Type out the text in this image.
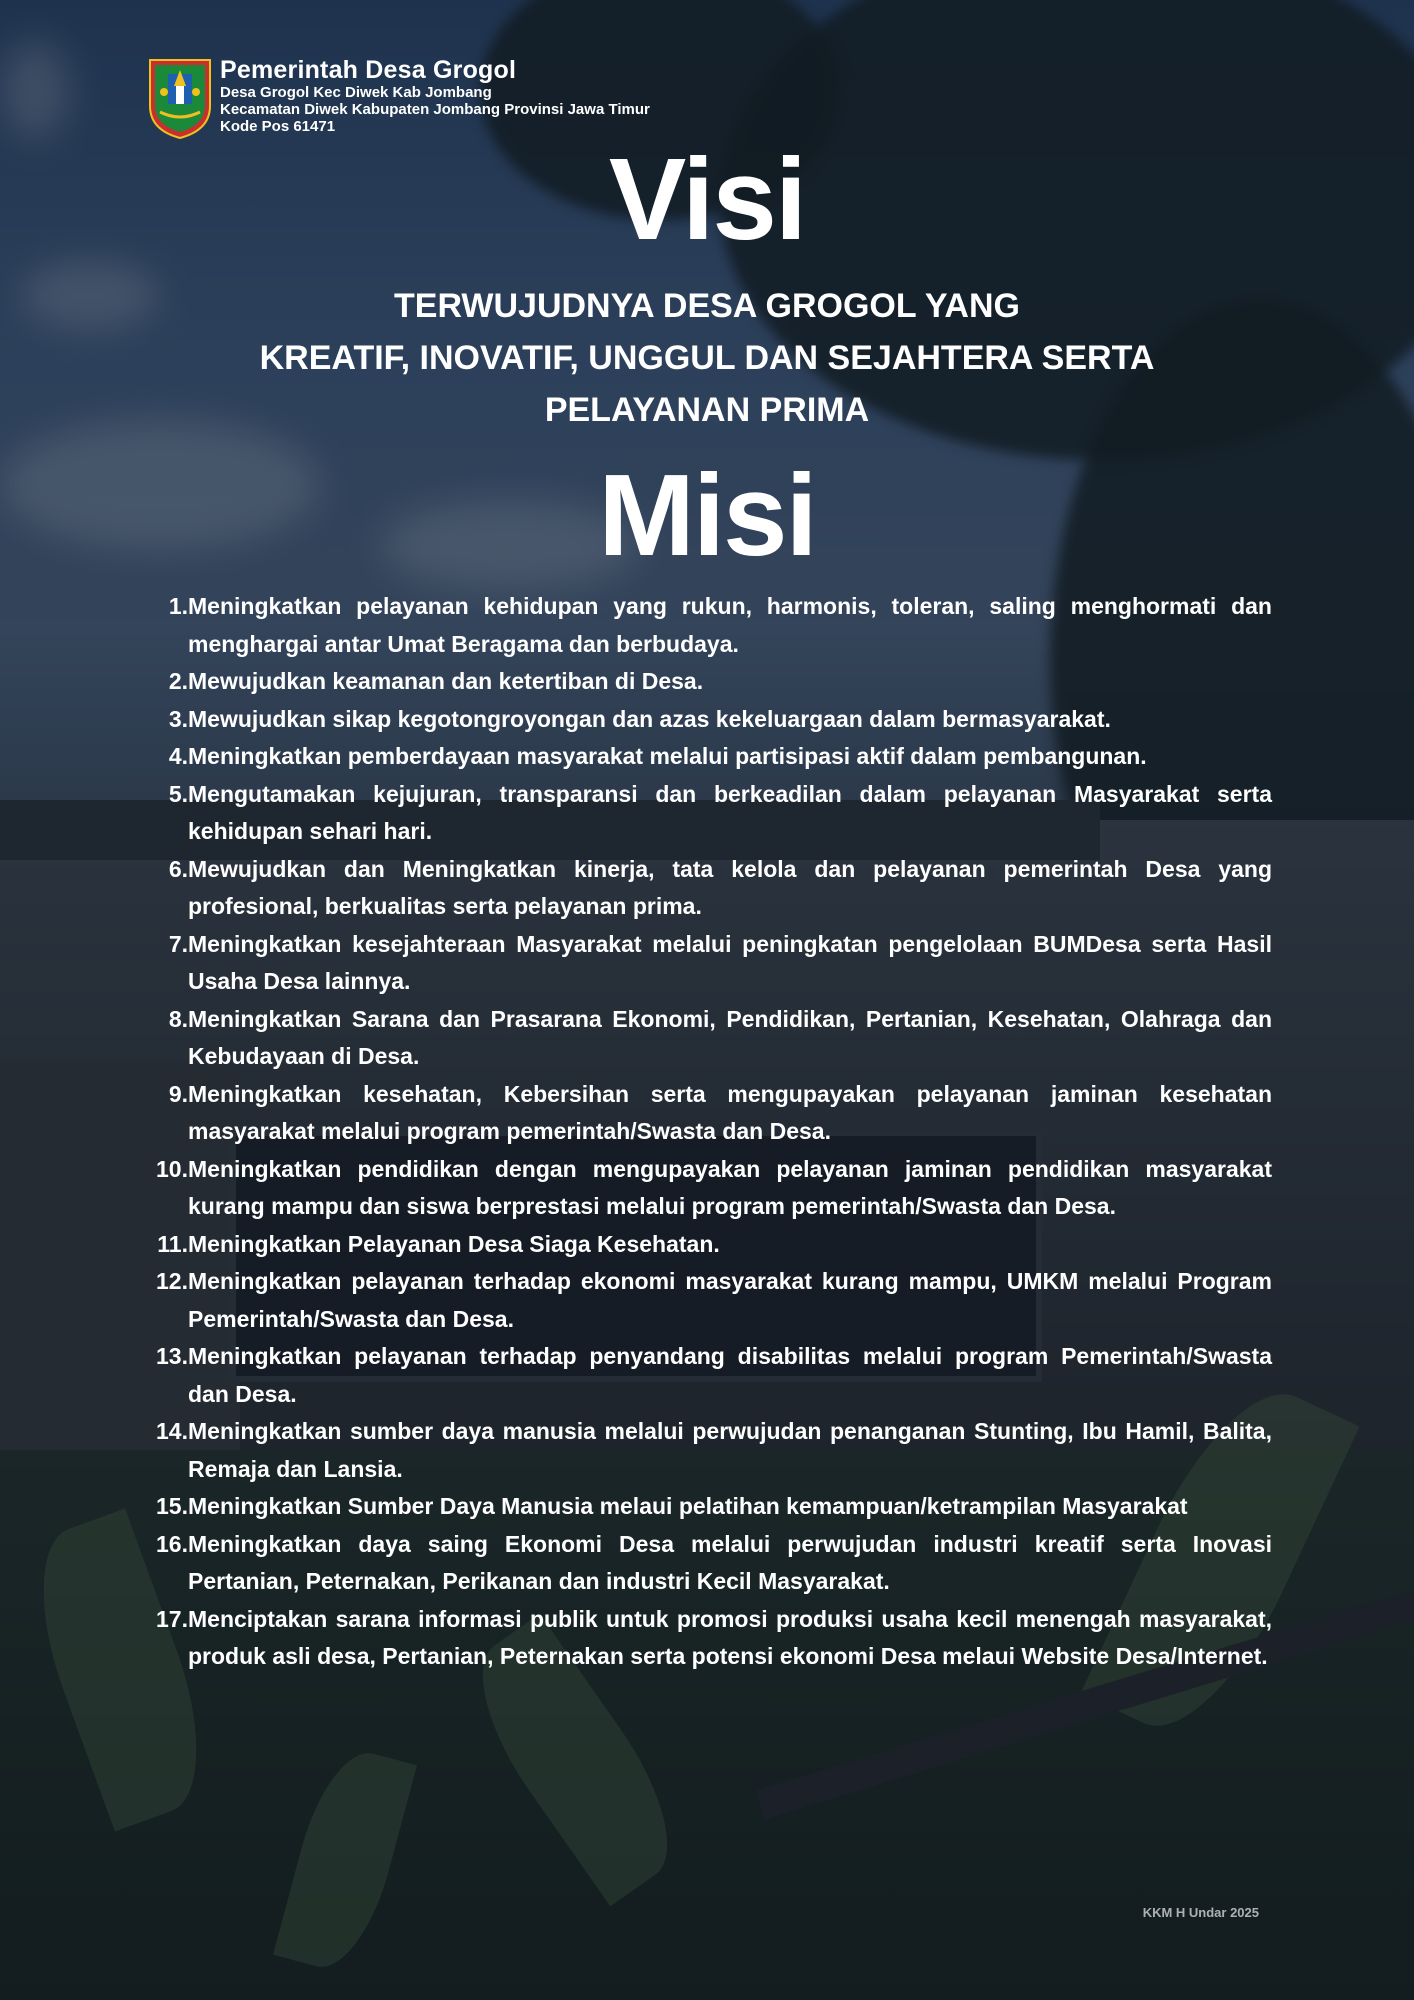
Pemerintah Desa Grogol
Desa Grogol Kec Diwek Kab Jombang
Kecamatan Diwek Kabupaten Jombang Provinsi Jawa Timur
Kode Pos 61471
Visi
TERWUJUDNYA DESA GROGOL YANG
KREATIF, INOVATIF, UNGGUL DAN SEJAHTERA SERTA
PELAYANAN PRIMA
Misi
1. Meningkatkan pelayanan kehidupan yang rukun, harmonis, toleran, saling menghormati dan menghargai antar Umat Beragama dan berbudaya.
2. Mewujudkan keamanan dan ketertiban di Desa.
3. Mewujudkan sikap kegotongroyongan dan azas kekeluargaan dalam bermasyarakat.
4. Meningkatkan pemberdayaan masyarakat melalui partisipasi aktif dalam pembangunan.
5. Mengutamakan kejujuran, transparansi dan berkeadilan dalam pelayanan Masyarakat serta kehidupan sehari hari.
6. Mewujudkan dan Meningkatkan kinerja, tata kelola dan pelayanan pemerintah Desa yang profesional, berkualitas serta pelayanan prima.
7. Meningkatkan kesejahteraan Masyarakat melalui peningkatan pengelolaan BUMDesa serta Hasil Usaha Desa lainnya.
8. Meningkatkan Sarana dan Prasarana Ekonomi, Pendidikan, Pertanian, Kesehatan, Olahraga dan Kebudayaan di Desa.
9. Meningkatkan kesehatan, Kebersihan serta mengupayakan pelayanan jaminan kesehatan masyarakat melalui program pemerintah/Swasta dan Desa.
10. Meningkatkan pendidikan dengan mengupayakan pelayanan jaminan pendidikan masyarakat kurang mampu dan siswa berprestasi melalui program pemerintah/Swasta dan Desa.
11. Meningkatkan Pelayanan Desa Siaga Kesehatan.
12. Meningkatkan pelayanan terhadap ekonomi masyarakat kurang mampu, UMKM melalui Program Pemerintah/Swasta dan Desa.
13. Meningkatkan pelayanan terhadap penyandang disabilitas melalui program Pemerintah/Swasta dan Desa.
14. Meningkatkan sumber daya manusia melalui perwujudan penanganan Stunting, Ibu Hamil, Balita, Remaja dan Lansia.
15. Meningkatkan Sumber Daya Manusia melaui pelatihan kemampuan/ketrampilan Masyarakat
16. Meningkatkan daya saing Ekonomi Desa melalui perwujudan industri kreatif serta Inovasi Pertanian, Peternakan, Perikanan dan industri Kecil Masyarakat.
17. Menciptakan sarana informasi publik untuk promosi produksi usaha kecil menengah masyarakat, produk asli desa, Pertanian, Peternakan serta potensi ekonomi Desa melaui Website Desa/Internet.
KKM H Undar 2025
